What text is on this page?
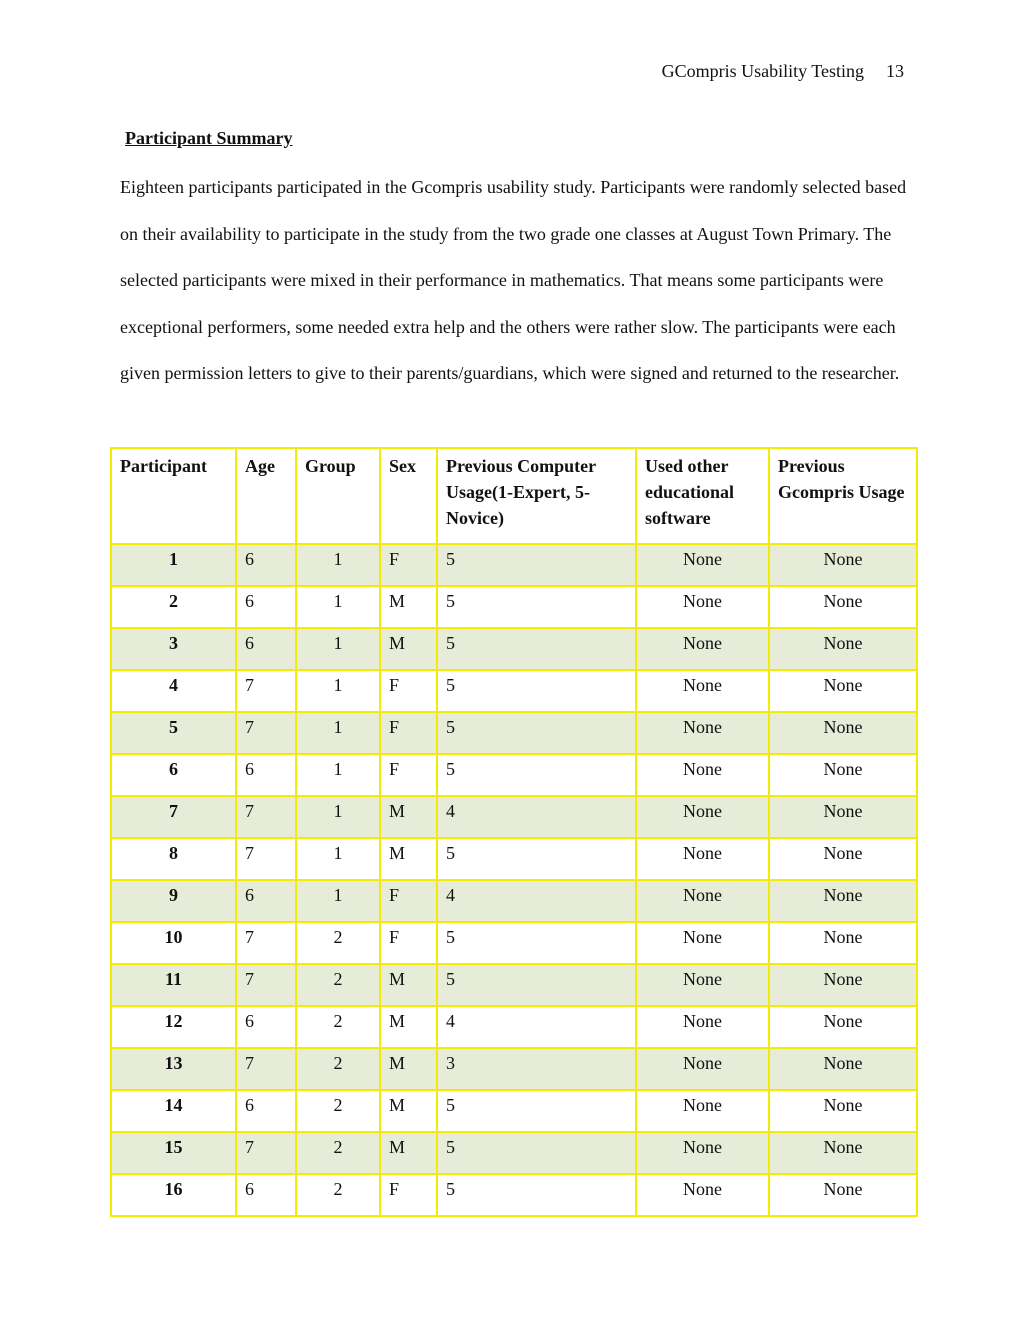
GCompris Usability Testing 13
Participant Summary

Eighteen participants participated in the Gcompris usability study. Participants were randomly selected based on their availability to participate in the study from the two grade one classes at August Town Primary. The selected participants were mixed in their performance in mathematics. That means some participants were exceptional performers, some needed extra help and the others were rather slow. The participants were each given permission letters to give to their parents/guardians, which were signed and returned to the researcher.

Participant	Age	Group	Sex	Previous Computer Usage(1-Expert, 5-Novice)	Used other educational software	Previous Gcompris Usage
1	6	1	F	5	None	None
2	6	1	M	5	None	None
3	6	1	M	5	None	None
4	7	1	F	5	None	None
5	7	1	F	5	None	None
6	6	1	F	5	None	None
7	7	1	M	4	None	None
8	7	1	M	5	None	None
9	6	1	F	4	None	None
10	7	2	F	5	None	None
11	7	2	M	5	None	None
12	6	2	M	4	None	None
13	7	2	M	3	None	None
14	6	2	M	5	None	None
15	7	2	M	5	None	None
16	6	2	F	5	None	None
